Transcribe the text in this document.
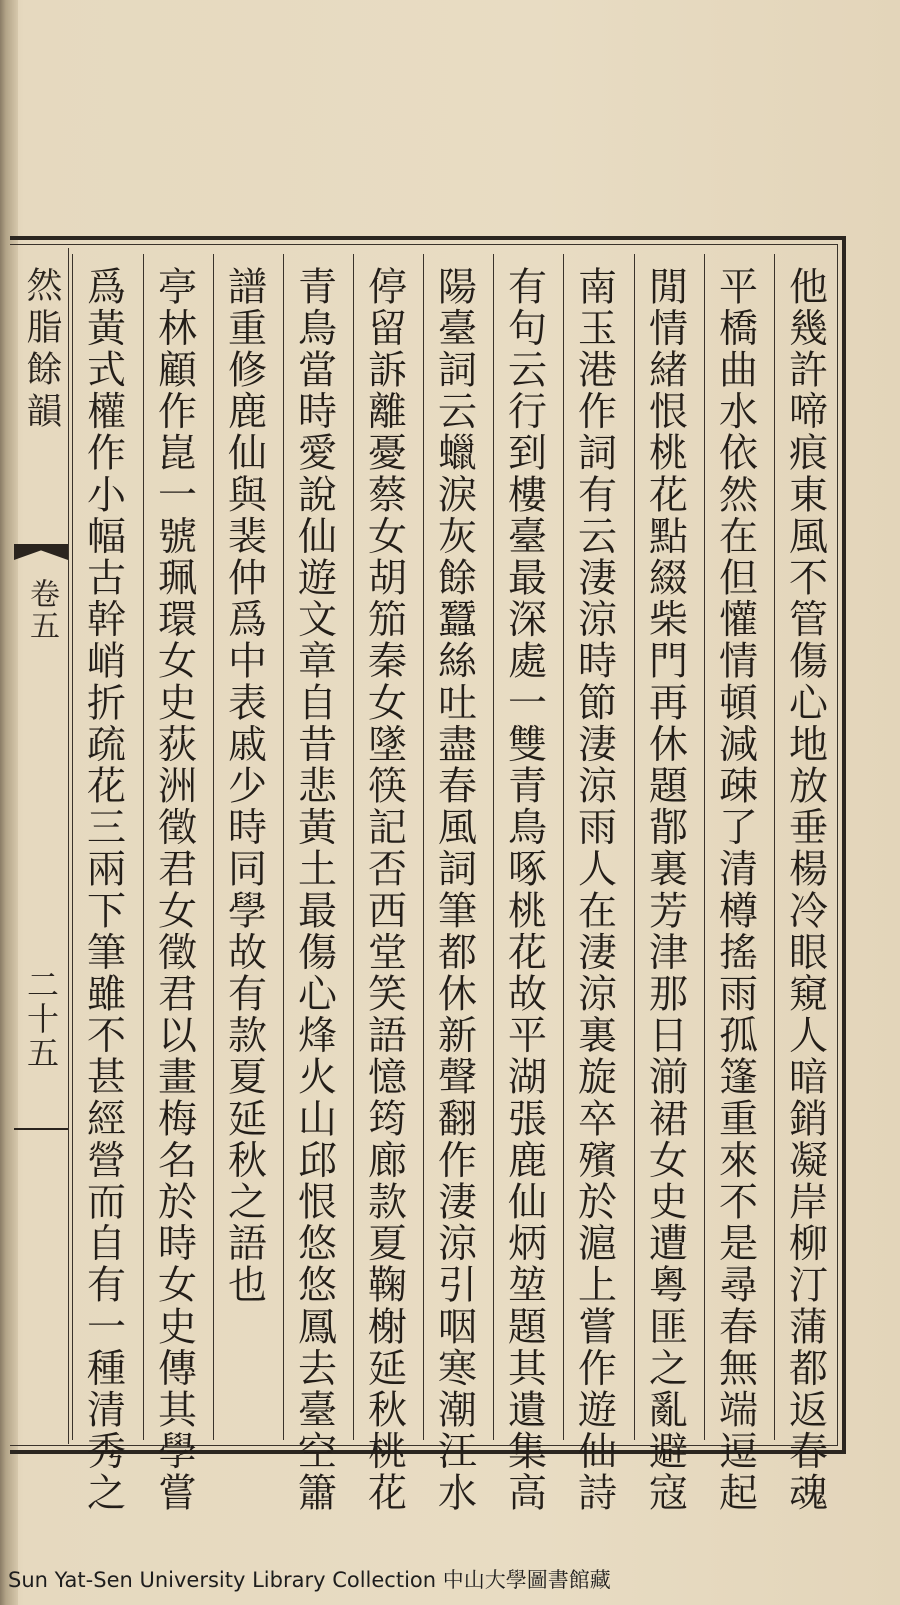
然脂餘韻
卷五
二十五	他幾許啼痕東風不管傷心地放垂楊冷眼窺人暗銷凝岸柳汀蒲都返春魂
平橋曲水依然在但懽情頓減疎了清樽搖雨孤篷重來不是尋春無端逗起
閒情緒恨桃花點綴柴門再休題鄁裏芳津那日湔裙女史遭粵匪之亂避寇
南玉港作詞有云淒涼時節淒涼雨人在淒涼裏旋卒殯於滬上嘗作遊仙詩
有句云行到樓臺最深處一雙青鳥啄桃花故平湖張鹿仙炳堃題其遺集高
陽臺詞云蠟淚灰餘蠶絲吐盡春風詞筆都休新聲翻作淒涼引咽寒潮江水
停留訴離憂蔡女胡笳秦女墜筷記否西堂笑語憶筠廊款夏鞠榭延秋桃花
青鳥當時愛說仙遊文章自昔悲黃土最傷心烽火山邱恨悠悠鳳去臺空簫
譜重修鹿仙與裴仲爲中表戚少時同學故有款夏延秋之語也
亭林顧作崑一號珮環女史荻洲徵君女徵君以畫梅名於時女史傳其學嘗
爲黃式權作小幅古幹峭折疏花三兩下筆雖不甚經營而自有一種清秀之
Sun Yat-Sen University Library Collection 中山大學圖書館藏
